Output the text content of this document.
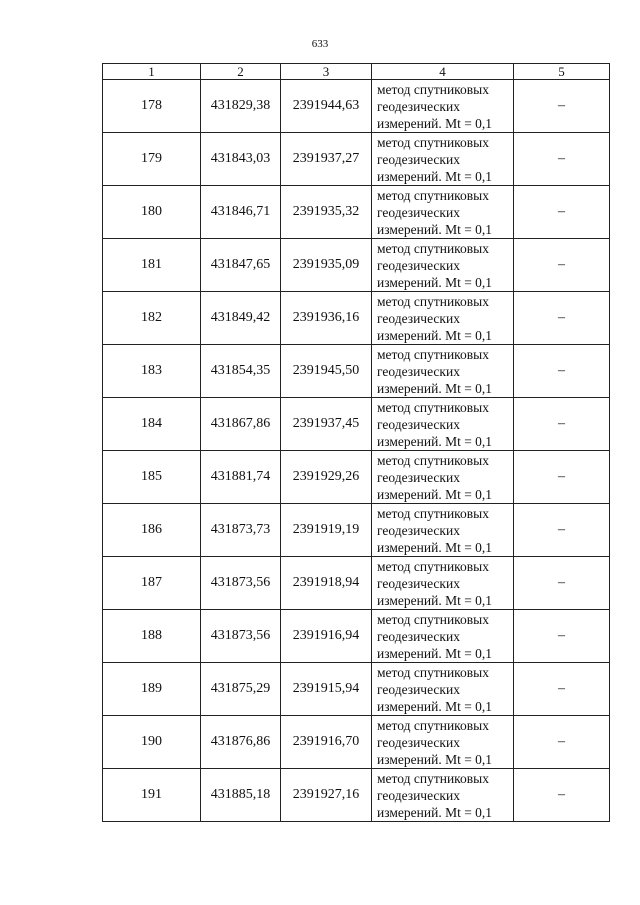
633
1	2	3	4	5
178	431829,38	2391944,63	метод спутниковых
геодезических
измерений. Mt = 0,1	–
179	431843,03	2391937,27	метод спутниковых
геодезических
измерений. Mt = 0,1	–
180	431846,71	2391935,32	метод спутниковых
геодезических
измерений. Mt = 0,1	–
181	431847,65	2391935,09	метод спутниковых
геодезических
измерений. Mt = 0,1	–
182	431849,42	2391936,16	метод спутниковых
геодезических
измерений. Mt = 0,1	–
183	431854,35	2391945,50	метод спутниковых
геодезических
измерений. Mt = 0,1	–
184	431867,86	2391937,45	метод спутниковых
геодезических
измерений. Mt = 0,1	–
185	431881,74	2391929,26	метод спутниковых
геодезических
измерений. Mt = 0,1	–
186	431873,73	2391919,19	метод спутниковых
геодезических
измерений. Mt = 0,1	–
187	431873,56	2391918,94	метод спутниковых
геодезических
измерений. Mt = 0,1	–
188	431873,56	2391916,94	метод спутниковых
геодезических
измерений. Mt = 0,1	–
189	431875,29	2391915,94	метод спутниковых
геодезических
измерений. Mt = 0,1	–
190	431876,86	2391916,70	метод спутниковых
геодезических
измерений. Mt = 0,1	–
191	431885,18	2391927,16	метод спутниковых
геодезических
измерений. Mt = 0,1	–
